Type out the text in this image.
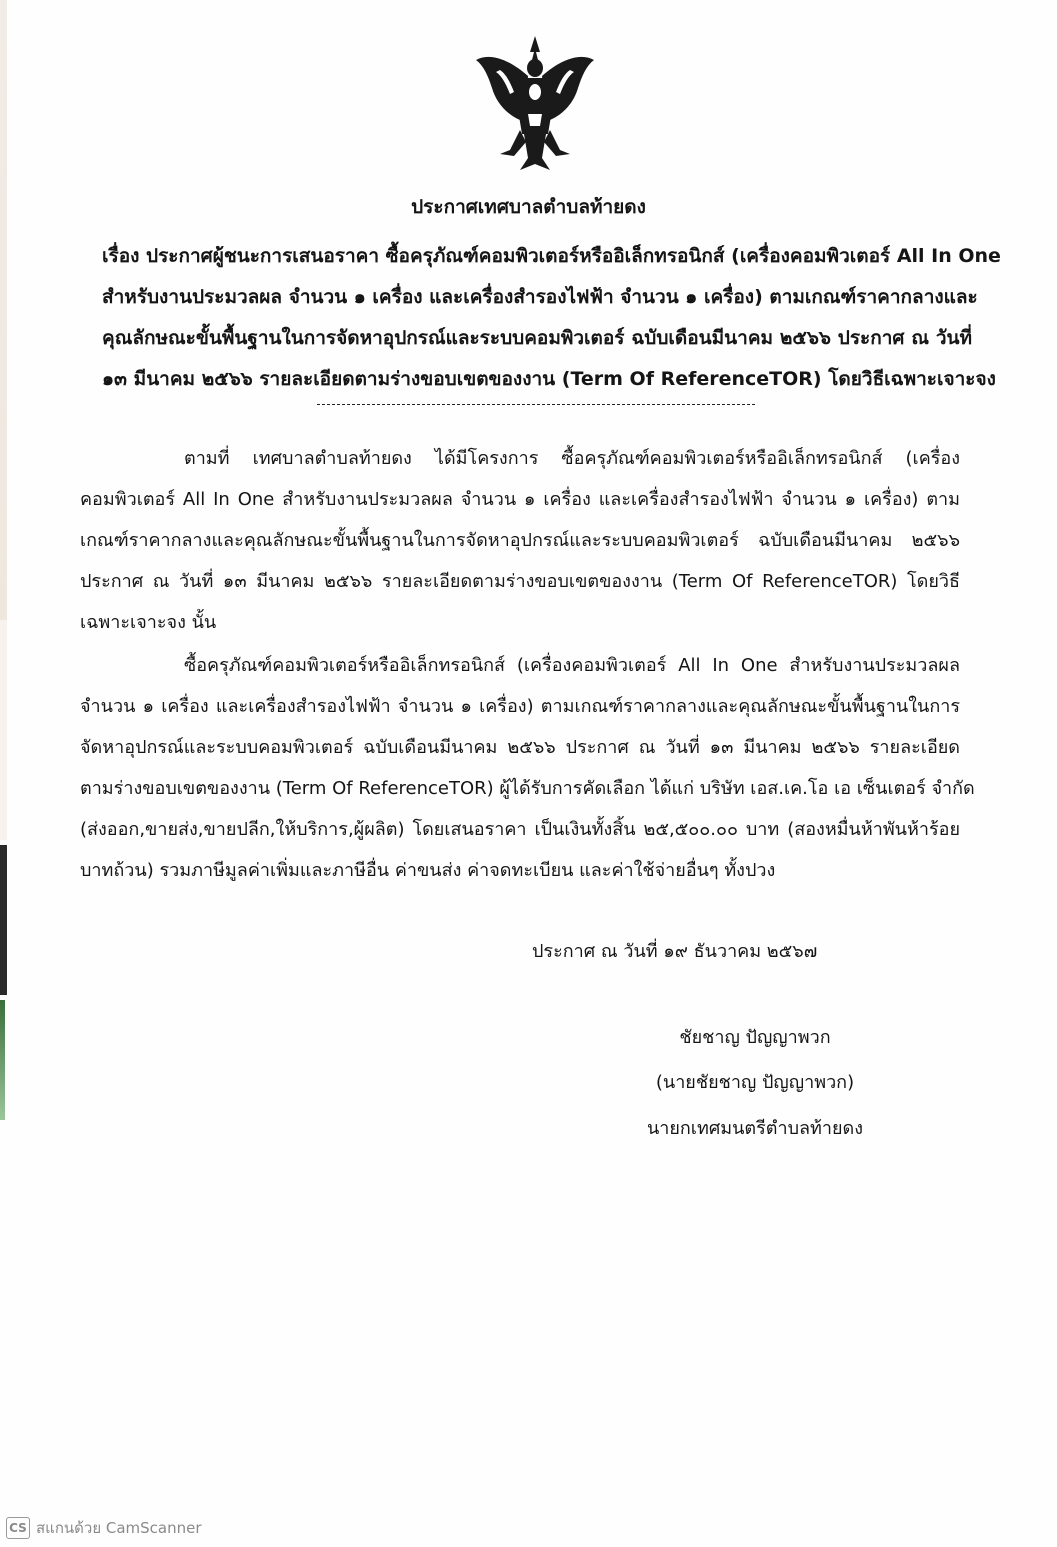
ประกาศเทศบาลตำบลท้ายดง
เรื่อง ประกาศผู้ชนะการเสนอราคา ซื้อครุภัณฑ์คอมพิวเตอร์หรืออิเล็กทรอนิกส์ (เครื่องคอมพิวเตอร์ All In One
สำหรับงานประมวลผล จำนวน ๑ เครื่อง และเครื่องสำรองไฟฟ้า จำนวน ๑ เครื่อง) ตามเกณฑ์ราคากลางและ
คุณลักษณะขั้นพื้นฐานในการจัดหาอุปกรณ์และระบบคอมพิวเตอร์ ฉบับเดือนมีนาคม ๒๕๖๖ ประกาศ ณ วันที่
๑๓ มีนาคม ๒๕๖๖ รายละเอียดตามร่างขอบเขตของงาน (Term Of ReferenceTOR) โดยวิธีเฉพาะเจาะจง
ตามที่ เทศบาลตำบลท้ายดง ได้มีโครงการ ซื้อครุภัณฑ์คอมพิวเตอร์หรืออิเล็กทรอนิกส์ (เครื่อง
คอมพิวเตอร์ All In One สำหรับงานประมวลผล จำนวน ๑ เครื่อง และเครื่องสำรองไฟฟ้า จำนวน ๑ เครื่อง) ตาม
เกณฑ์ราคากลางและคุณลักษณะขั้นพื้นฐานในการจัดหาอุปกรณ์และระบบคอมพิวเตอร์ ฉบับเดือนมีนาคม ๒๕๖๖
ประกาศ ณ วันที่ ๑๓ มีนาคม ๒๕๖๖ รายละเอียดตามร่างขอบเขตของงาน (Term Of ReferenceTOR) โดยวิธี
เฉพาะเจาะจง นั้น
ซื้อครุภัณฑ์คอมพิวเตอร์หรืออิเล็กทรอนิกส์ (เครื่องคอมพิวเตอร์ All In One สำหรับงานประมวลผล
จำนวน ๑ เครื่อง และเครื่องสำรองไฟฟ้า จำนวน ๑ เครื่อง) ตามเกณฑ์ราคากลางและคุณลักษณะขั้นพื้นฐานในการ
จัดหาอุปกรณ์และระบบคอมพิวเตอร์ ฉบับเดือนมีนาคม ๒๕๖๖ ประกาศ ณ วันที่ ๑๓ มีนาคม ๒๕๖๖ รายละเอียด
ตามร่างขอบเขตของงาน (Term Of ReferenceTOR) ผู้ได้รับการคัดเลือก ได้แก่ บริษัท เอส.เค.โอ เอ เซ็นเตอร์ จำกัด
(ส่งออก,ขายส่ง,ขายปลีก,ให้บริการ,ผู้ผลิต) โดยเสนอราคา เป็นเงินทั้งสิ้น ๒๕,๕๐๐.๐๐ บาท (สองหมื่นห้าพันห้าร้อย
บาทถ้วน) รวมภาษีมูลค่าเพิ่มและภาษีอื่น ค่าขนส่ง ค่าจดทะเบียน และค่าใช้จ่ายอื่นๆ ทั้งปวง
ประกาศ ณ วันที่ ๑๙ ธันวาคม ๒๕๖๗
ชัยชาญ ปัญญาพวก
(นายชัยชาญ ปัญญาพวก)
นายกเทศมนตรีตำบลท้ายดง
CS สแกนด้วย CamScanner
